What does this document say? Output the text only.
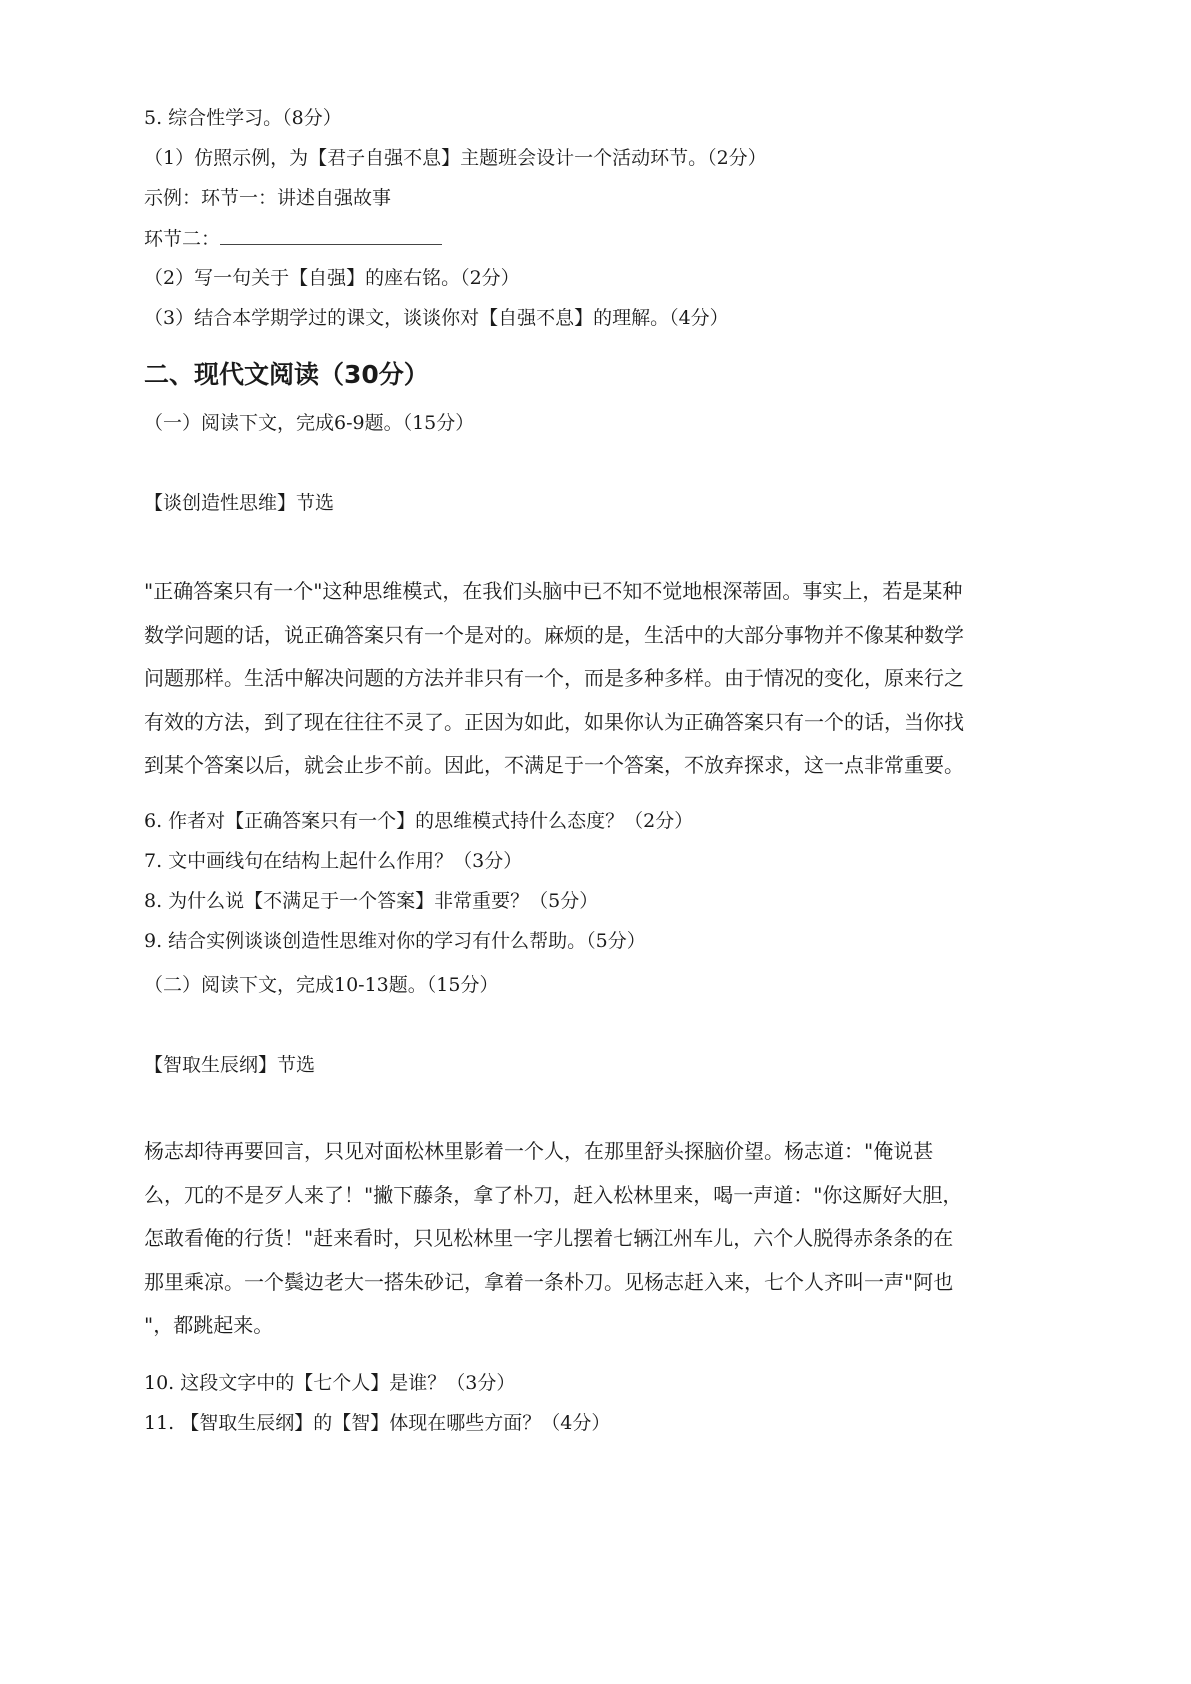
5. 综合性学习。（8分）
（1）仿照示例，为【君子自强不息】主题班会设计一个活动环节。（2分）
示例：环节一：讲述自强故事
环节二：
（2）写一句关于【自强】的座右铭。（2分）
（3）结合本学期学过的课文，谈谈你对【自强不息】的理解。（4分）
二、现代文阅读（30分）
（一）阅读下文，完成6-9题。（15分）
【谈创造性思维】节选
"正确答案只有一个"这种思维模式，在我们头脑中已不知不觉地根深蒂固。事实上，若是某种
数学问题的话，说正确答案只有一个是对的。麻烦的是，生活中的大部分事物并不像某种数学
问题那样。生活中解决问题的方法并非只有一个，而是多种多样。由于情况的变化，原来行之
有效的方法，到了现在往往不灵了。正因为如此，如果你认为正确答案只有一个的话，当你找
到某个答案以后，就会止步不前。因此，不满足于一个答案，不放弃探求，这一点非常重要。
6. 作者对【正确答案只有一个】的思维模式持什么态度？（2分）
7. 文中画线句在结构上起什么作用？（3分）
8. 为什么说【不满足于一个答案】非常重要？（5分）
9. 结合实例谈谈创造性思维对你的学习有什么帮助。（5分）
（二）阅读下文，完成10-13题。（15分）
【智取生辰纲】节选
杨志却待再要回言，只见对面松林里影着一个人，在那里舒头探脑价望。杨志道："俺说甚
么，兀的不是歹人来了！"撇下藤条，拿了朴刀，赶入松林里来，喝一声道："你这厮好大胆，
怎敢看俺的行货！"赶来看时，只见松林里一字儿摆着七辆江州车儿，六个人脱得赤条条的在
那里乘凉。一个鬓边老大一搭朱砂记，拿着一条朴刀。见杨志赶入来，七个人齐叫一声"阿也
"，都跳起来。
10. 这段文字中的【七个人】是谁？（3分）
11. 【智取生辰纲】的【智】体现在哪些方面？（4分）
